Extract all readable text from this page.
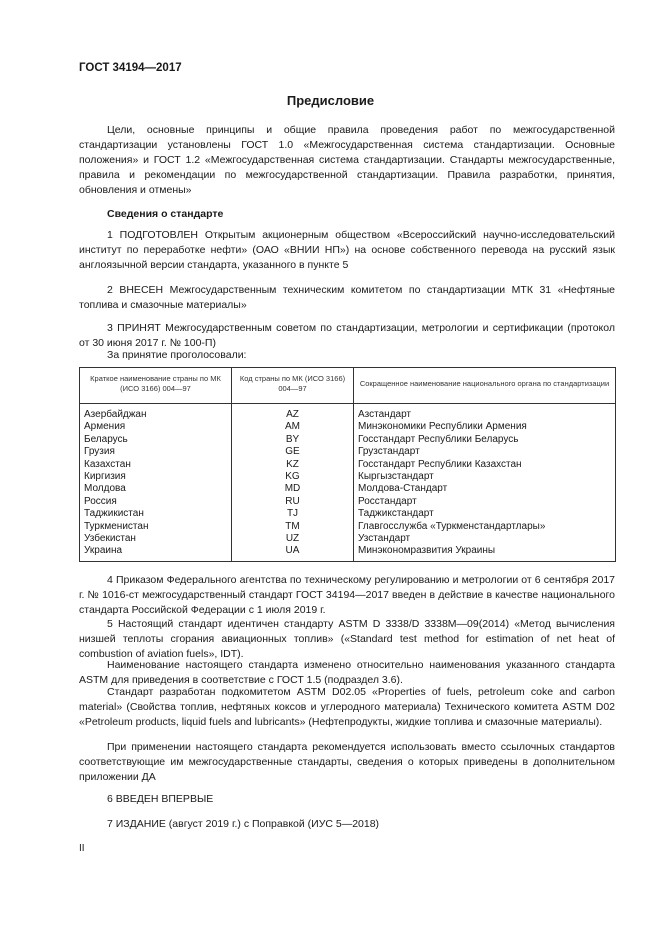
ГОСТ 34194—2017
Предисловие
Цели, основные принципы и общие правила проведения работ по межгосударственной стандартизации установлены ГОСТ 1.0 «Межгосударственная система стандартизации. Основные положения» и ГОСТ 1.2 «Межгосударственная система стандартизации. Стандарты межгосударственные, правила и рекомендации по межгосударственной стандартизации. Правила разработки, принятия, обновления и отмены»
Сведения о стандарте
1 ПОДГОТОВЛЕН Открытым акционерным обществом «Всероссийский научно-исследовательский институт по переработке нефти» (ОАО «ВНИИ НП») на основе собственного перевода на русский язык англоязычной версии стандарта, указанного в пункте 5
2 ВНЕСЕН Межгосударственным техническим комитетом по стандартизации МТК 31 «Нефтяные топлива и смазочные материалы»
3 ПРИНЯТ Межгосударственным советом по стандартизации, метрологии и сертификации (протокол от 30 июня 2017 г. № 100-П)
За принятие проголосовали:
Краткое наименование страны по МК (ИСО 3166) 004—97	Код страны по МК (ИСО 3166) 004—97	Сокращенное наименование национального органа по стандартизации
Азербайджан	AZ	Азстандарт
Армения	AM	Минэкономики Республики Армения
Беларусь	BY	Госстандарт Республики Беларусь
Грузия	GE	Грузстандарт
Казахстан	KZ	Госстандарт Республики Казахстан
Киргизия	KG	Кыргызстандарт
Молдова	MD	Молдова-Стандарт
Россия	RU	Росстандарт
Таджикистан	TJ	Таджикстандарт
Туркменистан	TM	Главгосслужба «Туркменстандартлары»
Узбекистан	UZ	Узстандарт
Украина	UA	Минэкономразвития Украины
4 Приказом Федерального агентства по техническому регулированию и метрологии от 6 сентября 2017 г. № 1016-ст межгосударственный стандарт ГОСТ 34194—2017 введен в действие в качестве национального стандарта Российской Федерации с 1 июля 2019 г.
5 Настоящий стандарт идентичен стандарту ASTM D 3338/D 3338M—09(2014) «Метод вычисления низшей теплоты сгорания авиационных топлив» («Standard test method for estimation of net heat of combustion of aviation fuels», IDT).
Наименование настоящего стандарта изменено относительно наименования указанного стандарта ASTM для приведения в соответствие с ГОСТ 1.5 (подраздел 3.6).
Стандарт разработан подкомитетом ASTM D02.05 «Properties of fuels, petroleum coke and carbon material» (Свойства топлив, нефтяных коксов и углеродного материала) Технического комитета ASTM D02 «Petroleum products, liquid fuels and lubricants» (Нефтепродукты, жидкие топлива и смазочные материалы).
При применении настоящего стандарта рекомендуется использовать вместо ссылочных стандартов соответствующие им межгосударственные стандарты, сведения о которых приведены в дополнительном приложении ДА
6 ВВЕДЕН ВПЕРВЫЕ
7 ИЗДАНИЕ (август 2019 г.) с Поправкой (ИУС 5—2018)
II
